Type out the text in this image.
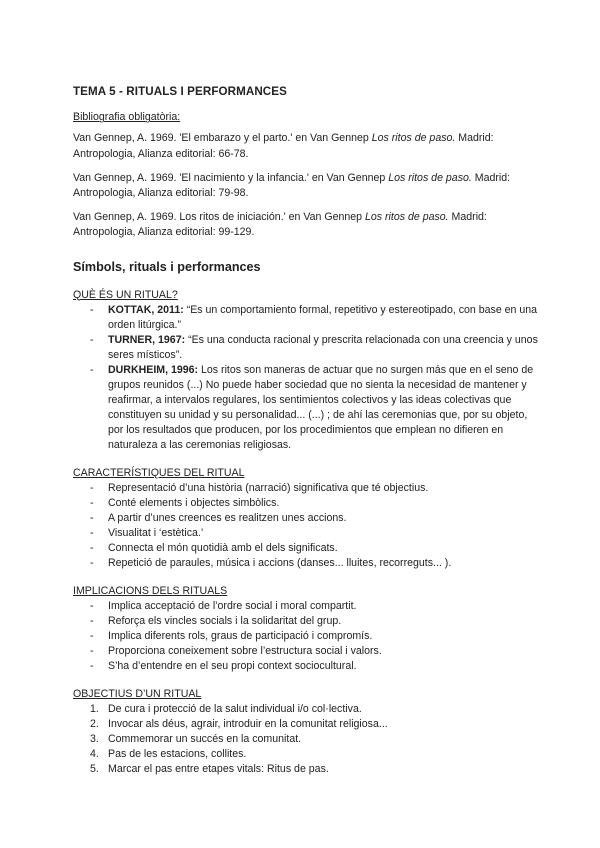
TEMA 5 - RITUALS I PERFORMANCES

Bibliografia obligatòria:

Van Gennep, A. 1969. 'El embarazo y el parto.' en Van Gennep Los ritos de paso. Madrid: Antropologia, Alianza editorial: 66-78.

Van Gennep, A. 1969. 'El nacimiento y la infancia.' en Van Gennep Los ritos de paso. Madrid: Antropologia, Alianza editorial: 79-98.

Van Gennep, A. 1969. Los ritos de iniciación.' en Van Gennep Los ritos de paso. Madrid: Antropologia, Alianza editorial: 99-129.

Símbols, rituals i performances

QUÈ ÉS UN RITUAL?

- KOTTAK, 2011: “Es un comportamiento formal, repetitivo y estereotipado, con base en una orden litúrgica.”
- TURNER, 1967: “Es una conducta racional y prescrita relacionada con una creencia y unos seres místicos”.
- DURKHEIM, 1996: Los ritos son maneras de actuar que no surgen más que en el seno de grupos reunidos (...) No puede haber sociedad que no sienta la necesidad de mantener y reafirmar, a intervalos regulares, los sentimientos colectivos y las ideas colectivas que constituyen su unidad y su personalidad... (...) ; de ahí las ceremonias que, por su objeto, por los resultados que producen, por los procedimientos que emplean no difieren en naturaleza a las ceremonias religiosas.

CARACTERÍSTIQUES DEL RITUAL

- Representació d’una història (narració) significativa que té objectius.
- Conté elements i objectes simbòlics.
- A partir d’unes creences es realitzen unes accions.
- Visualitat i ‘estètica.’
- Connecta el món quotidià amb el dels significats.
- Repetició de paraules, música i accions (danses... lluites, recorreguts... ).

IMPLICACIONS DELS RITUALS

- Implica acceptació de l’ordre social i moral compartit.
- Reforça els vincles socials i la solidaritat del grup.
- Implica diferents rols, graus de participació i compromís.
- Proporciona coneixement sobre l’estructura social i valors.
- S’ha d’entendre en el seu propi context sociocultural.

OBJECTIUS D’UN RITUAL

1. De cura i protecció de la salut individual i/o col·lectiva.
2. Invocar als déus, agrair, introduir en la comunitat religiosa...
3. Commemorar un succés en la comunitat.
4. Pas de les estacions, collites.
5. Marcar el pas entre etapes vitals: Ritus de pas.
